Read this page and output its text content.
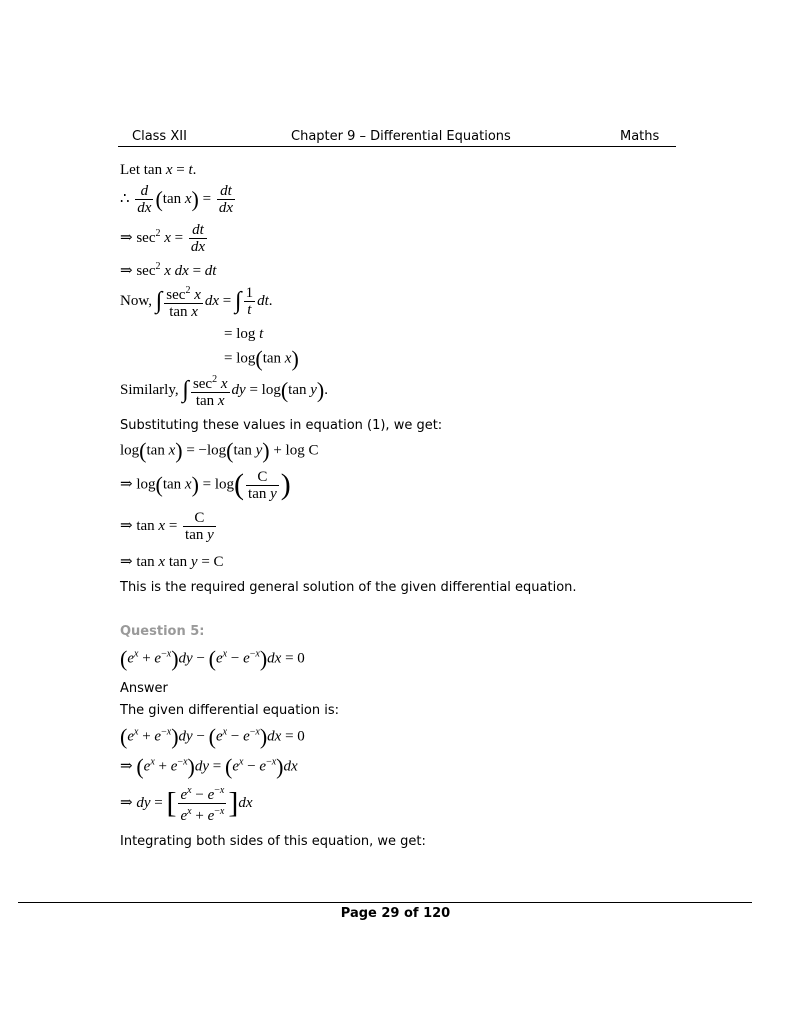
Class XII	Chapter 9 – Differential Equations	Maths
Let tan x = t.
∴ $\frac{d}{dx} (\tan$ $x) = \frac{dt}{dx}$
⇒ $\sec^2 x = \frac{dt}{dx}$
⇒ $\sec^2 x$ dx = dt
Now, ∫ $\frac{\sec^2 x}{\text{tan x}}$ dx = ∫ $\frac{1}{t}$ dt.
= log t
= log(tan x)
Similarly, ∫ $\frac{\sec^2 x}{\text{tan x}}$ dy = log(tan y).
Substituting these values in equation (1), we get:
log(tan x) = −log(tan y) + log C
⇒ log(tan $x) = \log( \frac{C}{\text{tan y}}$ )
⇒ $\tan x = \frac{C}{\text{tan y}}$
⇒ tan x tan y = C
This is the required general solution of the given differential equation.
Question 5:
$(e^x + e^{-x})dy - (e^x - e^{-x})dx = 0$
Answer
The given differential equation is:
$(e^x + e^{-x})dy - (e^x - e^{-x})dx = 0$
⇒ $(e^x + e^{-x})dy = (e^x - e^{-x})dx$
⇒ dy = [ $\frac{e^x - e^{-x}}{e^x + e^{-x}} ]dx$
Integrating both sides of this equation, we get:
Page 29 of 120
